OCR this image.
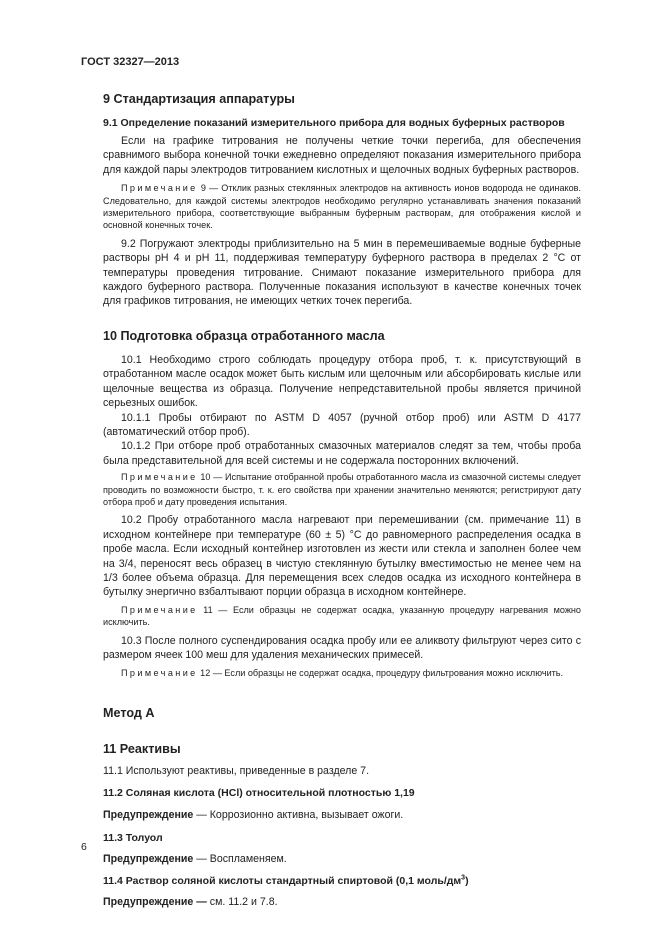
ГОСТ 32327—2013
9 Стандартизация аппаратуры
9.1 Определение показаний измерительного прибора для водных буферных растворов

Если на графике титрования не получены четкие точки перегиба, для обеспечения сравнимого выбора конечной точки ежедневно определяют показания измерительного прибора для каждой пары электродов титрованием кислотных и щелочных водных буферных растворов.

Примечание 9 — Отклик разных стеклянных электродов на активность ионов водорода не одинаков. Следовательно, для каждой системы электродов необходимо регулярно устанавливать значения показаний измерительного прибора, соответствующие выбранным буферным растворам, для отображения кислой и основной конечных точек.

9.2 Погружают электроды приблизительно на 5 мин в перемешиваемые водные буферные растворы pH 4 и pH 11, поддерживая температуру буферного раствора в пределах 2 °С от температуры проведения титрование. Снимают показание измерительного прибора для каждого буферного раствора. Полученные показания используют в качестве конечных точек для графиков титрования, не имеющих четких точек перегиба.

10 Подготовка образца отработанного масла

10.1 Необходимо строго соблюдать процедуру отбора проб, т. к. присутствующий в отработанном масле осадок может быть кислым или щелочным или абсорбировать кислые или щелочные вещества из образца. Получение непредставительной пробы является причиной серьезных ошибок.

10.1.1 Пробы отбирают по ASTM D 4057 (ручной отбор проб) или ASTM D 4177 (автоматический отбор проб).

10.1.2 При отборе проб отработанных смазочных материалов следят за тем, чтобы проба была представительной для всей системы и не содержала посторонних включений.

Примечание 10 — Испытание отобранной пробы отработанного масла из смазочной системы следует проводить по возможности быстро, т. к. его свойства при хранении значительно меняются; регистрируют дату отбора проб и дату проведения испытания.

10.2 Пробу отработанного масла нагревают при перемешивании (см. примечание 11) в исходном контейнере при температуре (60 ± 5) °С до равномерного распределения осадка в пробе масла. Если исходный контейнер изготовлен из жести или стекла и заполнен более чем на 3/4, переносят весь образец в чистую стеклянную бутылку вместимостью не менее чем на 1/3 более объема образца. Для перемещения всех следов осадка из исходного контейнера в бутылку энергично взбалтывают порции образца в исходном контейнере.

Примечание 11 — Если образцы не содержат осадка, указанную процедуру нагревания можно исключить.

10.3 После полного суспендирования осадка пробу или ее аликвоту фильтруют через сито с размером ячеек 100 меш для удаления механических примесей.

Примечание 12 — Если образцы не содержат осадка, процедуру фильтрования можно исключить.

Метод А
11 Реактивы

11.1 Используют реактивы, приведенные в разделе 7.

11.2 Соляная кислота (HCl) относительной плотностью 1,19

Предупреждение — Коррозионно активна, вызывает ожоги.

11.3 Толуол

Предупреждение — Воспламеняем.

11.4 Раствор соляной кислоты стандартный спиртовой (0,1 моль/$дм^3$)

Предупреждение — см. 11.2 и 7.8.

6
